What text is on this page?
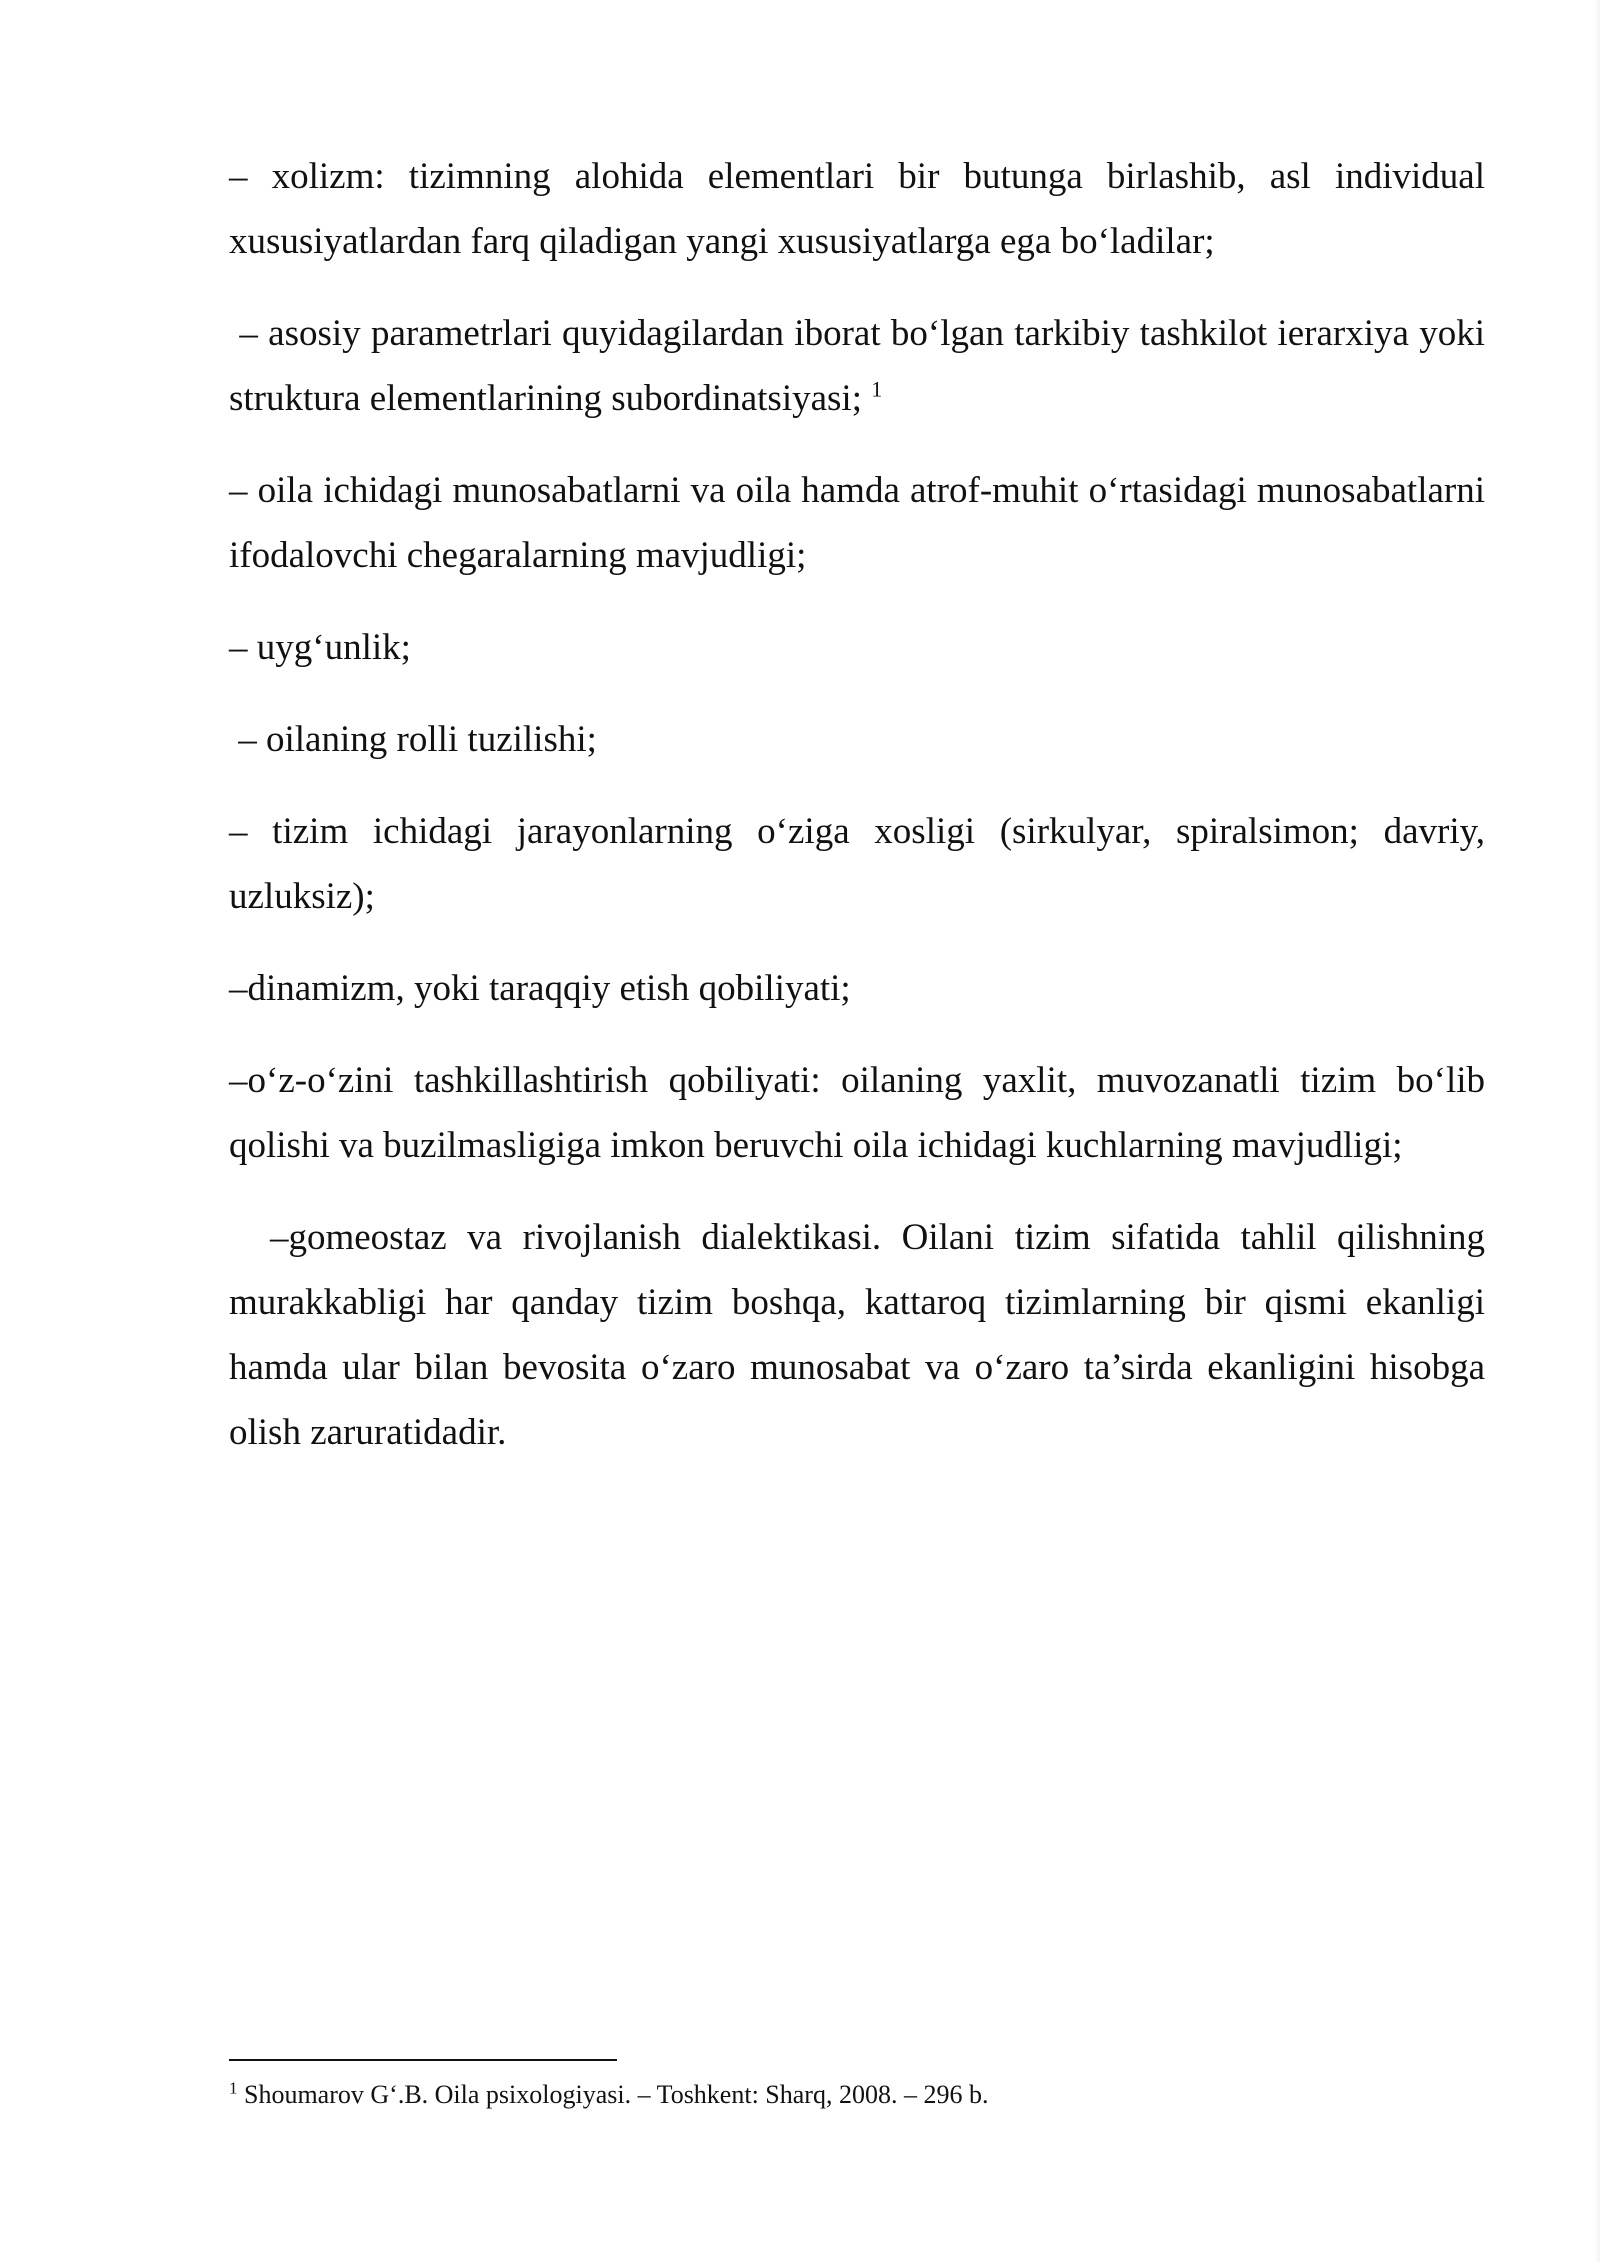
– xolizm: tizimning alohida elementlari bir butunga birlashib, asl individual xususiyatlardan farq qiladigan yangi xususiyatlarga ega bo‘ladilar;

– asosiy parametrlari quyidagilardan iborat bo‘lgan tarkibiy tashkilot ierarxiya yoki struktura elementlarining subordinatsiyasi; $^1$

– oila ichidagi munosabatlarni va oila hamda atrof-muhit o‘rtasidagi munosabatlarni ifodalovchi chegaralarning mavjudligi;

– uyg‘unlik;

– oilaning rolli tuzilishi;

– tizim ichidagi jarayonlarning o‘ziga xosligi (sirkulyar, spiralsimon; davriy, uzluksiz);

–dinamizm, yoki taraqqiy etish qobiliyati;

–o‘z-o‘zini tashkillashtirish qobiliyati: oilaning yaxlit, muvozanatli tizim bo‘lib qolishi va buzilmasligiga imkon beruvchi oila ichidagi kuchlarning mavjudligi;

–gomeostaz va rivojlanish dialektikasi. Oilani tizim sifatida tahlil qilishning murakkabligi har qanday tizim boshqa, kattaroq tizimlarning bir qismi ekanligi hamda ular bilan bevosita o‘zaro munosabat va o‘zaro ta’sirda ekanligini hisobga olish zaruratidadir.

$^1$ Shoumarov G‘.B. Oila psixologiyasi. – Toshkent: Sharq, 2008. – 296 b.
